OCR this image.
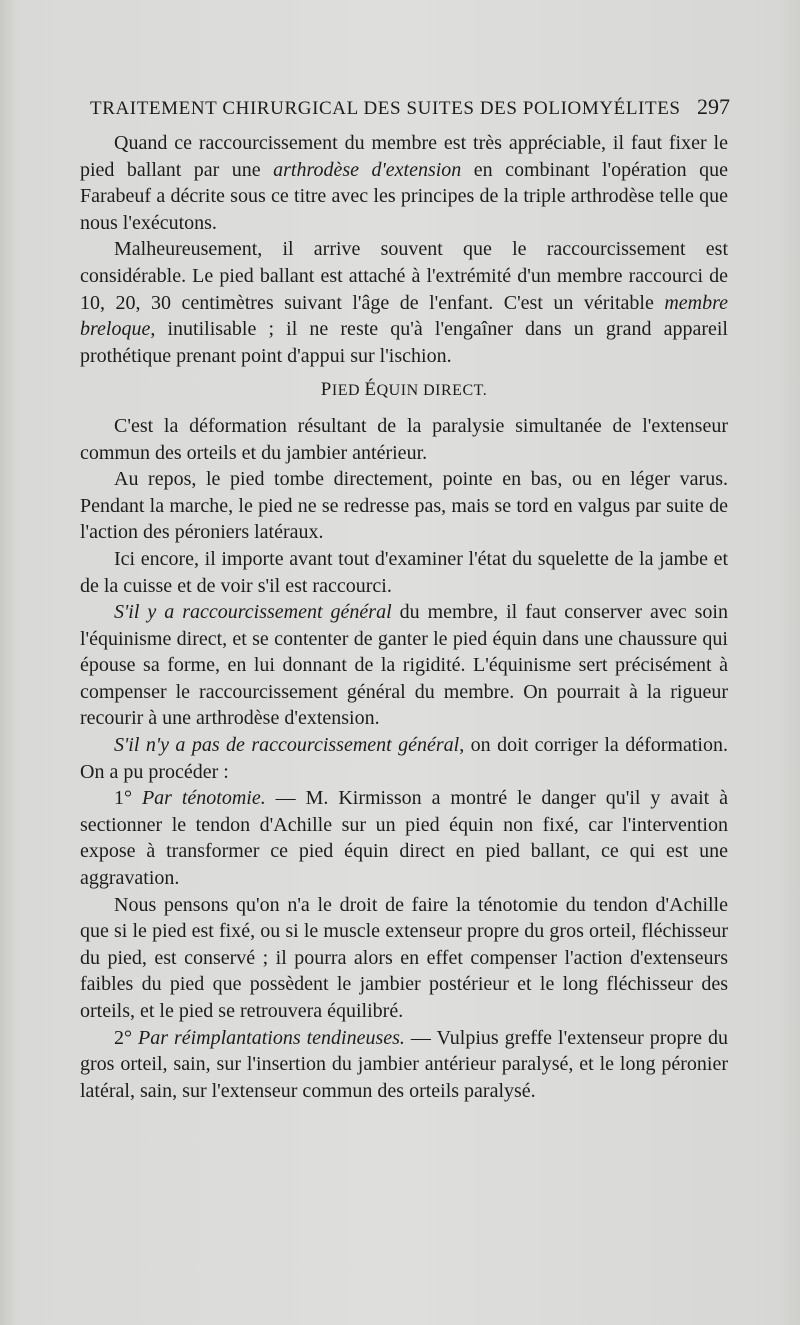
TRAITEMENT CHIRURGICAL DES SUITES DES POLIOMYÉLITES 297

Quand ce raccourcissement du membre est très appréciable, il faut fixer le pied ballant par une arthrodèse d'extension en combinant l'opération que Farabeuf a décrite sous ce titre avec les principes de la triple arthrodèse telle que nous l'exécutons.

Malheureusement, il arrive souvent que le raccourcissement est considérable. Le pied ballant est attaché à l'extrémité d'un membre raccourci de 10, 20, 30 centimètres suivant l'âge de l'enfant. C'est un véritable membre breloque, inutilisable ; il ne reste qu'à l'engaîner dans un grand appareil prothétique prenant point d'appui sur l'ischion.

PIED ÉQUIN DIRECT.

C'est la déformation résultant de la paralysie simultanée de l'extenseur commun des orteils et du jambier antérieur.

Au repos, le pied tombe directement, pointe en bas, ou en léger varus. Pendant la marche, le pied ne se redresse pas, mais se tord en valgus par suite de l'action des péroniers latéraux.

Ici encore, il importe avant tout d'examiner l'état du squelette de la jambe et de la cuisse et de voir s'il est raccourci.

S'il y a raccourcissement général du membre, il faut conserver avec soin l'équinisme direct, et se contenter de ganter le pied équin dans une chaussure qui épouse sa forme, en lui donnant de la rigidité. L'équinisme sert précisément à compenser le raccourcissement général du membre. On pourrait à la rigueur recourir à une arthrodèse d'extension.

S'il n'y a pas de raccourcissement général, on doit corriger la déformation. On a pu procéder :

1° Par ténotomie. — M. Kirmisson a montré le danger qu'il y avait à sectionner le tendon d'Achille sur un pied équin non fixé, car l'intervention expose à transformer ce pied équin direct en pied ballant, ce qui est une aggravation.

Nous pensons qu'on n'a le droit de faire la ténotomie du tendon d'Achille que si le pied est fixé, ou si le muscle extenseur propre du gros orteil, fléchisseur du pied, est conservé ; il pourra alors en effet compenser l'action d'extenseurs faibles du pied que possèdent le jambier postérieur et le long fléchisseur des orteils, et le pied se retrouvera équilibré.

2° Par réimplantations tendineuses. — Vulpius greffe l'extenseur propre du gros orteil, sain, sur l'insertion du jambier antérieur paralysé, et le long péronier latéral, sain, sur l'extenseur commun des orteils paralysé.
